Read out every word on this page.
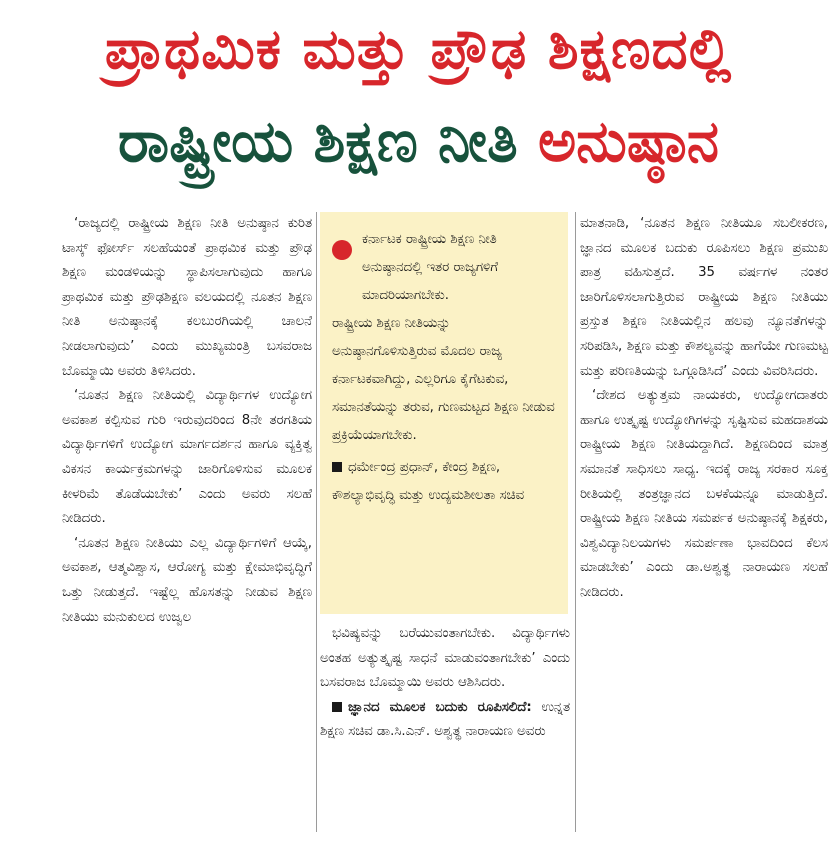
ಪ್ರಾಥಮಿಕ ಮತ್ತು ಪ್ರೌಢ ಶಿಕ್ಷಣದಲ್ಲಿ
ರಾಷ್ಟ್ರೀಯ ಶಿಕ್ಷಣ ನೀತಿ ಅನುಷ್ಠಾನ

‘ರಾಜ್ಯದಲ್ಲಿ ರಾಷ್ಟ್ರೀಯ ಶಿಕ್ಷಣ ನೀತಿ ಅನುಷ್ಠಾನ ಕುರಿತ ಟಾಸ್ಕ್ ಫೋರ್ಸ್ ಸಲಹೆಯಂತೆ ಪ್ರಾಥಮಿಕ ಮತ್ತು ಪ್ರೌಢ ಶಿಕ್ಷಣ ಮಂಡಳಿಯನ್ನು ಸ್ಥಾಪಿಸಲಾಗುವುದು ಹಾಗೂ ಪ್ರಾಥಮಿಕ ಮತ್ತು ಪ್ರೌಢಶಿಕ್ಷಣ ವಲಯದಲ್ಲಿ ನೂತನ ಶಿಕ್ಷಣ ನೀತಿ ಅನುಷ್ಠಾನಕ್ಕೆ ಕಲಬುರಗಿಯಲ್ಲಿ ಚಾಲನೆ ನೀಡಲಾಗುವುದು’ ಎಂದು ಮುಖ್ಯಮಂತ್ರಿ ಬಸವರಾಜ ಬೊಮ್ಮಾಯಿ ಅವರು ತಿಳಿಸಿದರು.

‘ನೂತನ ಶಿಕ್ಷಣ ನೀತಿಯಲ್ಲಿ ವಿದ್ಯಾರ್ಥಿಗಳ ಉದ್ಯೋಗ ಅವಕಾಶ ಕಲ್ಪಿಸುವ ಗುರಿ ಇರುವುದರಿಂದ 8ನೇ ತರಗತಿಯ ವಿದ್ಯಾರ್ಥಿಗಳಿಗೆ ಉದ್ಯೋಗ ಮಾರ್ಗದರ್ಶನ ಹಾಗೂ ವ್ಯಕ್ತಿತ್ವ ವಿಕಸನ ಕಾರ್ಯಕ್ರಮಗಳನ್ನು ಜಾರಿಗೊಳಿಸುವ ಮೂಲಕ ಕೀಳರಿಮೆ ತೊಡೆಯಬೇಕು’ ಎಂದು ಅವರು ಸಲಹೆ ನೀಡಿದರು.

‘ನೂತನ ಶಿಕ್ಷಣ ನೀತಿಯು ಎಲ್ಲ ವಿದ್ಯಾರ್ಥಿಗಳಿಗೆ ಆಯ್ಕೆ, ಅವಕಾಶ, ಆತ್ಮವಿಶ್ವಾಸ, ಆರೋಗ್ಯ ಮತ್ತು ಕ್ಷೇಮಾಭಿವೃದ್ಧಿಗೆ ಒತ್ತು ನೀಡುತ್ತದೆ. ಇಷ್ಟೆಲ್ಲ ಹೊಸತನ್ನು ನೀಡುವ ಶಿಕ್ಷಣ ನೀತಿಯು ಮನುಕುಲದ ಉಜ್ವಲ

ಕರ್ನಾಟಕ ರಾಷ್ಟ್ರೀಯ ಶಿಕ್ಷಣ ನೀತಿ ಅನುಷ್ಠಾನದಲ್ಲಿ ಇತರ ರಾಜ್ಯಗಳಿಗೆ ಮಾದರಿಯಾಗಬೇಕು.
ರಾಷ್ಟ್ರೀಯ ಶಿಕ್ಷಣ ನೀತಿಯನ್ನು ಅನುಷ್ಠಾನಗೊಳಿಸುತ್ತಿರುವ ಮೊದಲ ರಾಜ್ಯ ಕರ್ನಾಟಕವಾಗಿದ್ದು, ಎಲ್ಲರಿಗೂ ಕೈಗೆಟಕುವ, ಸಮಾನತೆಯನ್ನು ತರುವ, ಗುಣಮಟ್ಟದ ಶಿಕ್ಷಣ ನೀಡುವ ಪ್ರಕ್ರಿಯೆಯಾಗಬೇಕು.
ಧರ್ಮೇಂದ್ರ ಪ್ರಧಾನ್, ಕೇಂದ್ರ ಶಿಕ್ಷಣ, ಕೌಶಲ್ಯಾಭಿವೃದ್ಧಿ ಮತ್ತು ಉದ್ಯಮಶೀಲತಾ ಸಚಿವ

ಭವಿಷ್ಯವನ್ನು ಬರೆಯುವಂತಾಗಬೇಕು. ವಿದ್ಯಾರ್ಥಿಗಳು ಅಂತಹ ಅತ್ಯುತ್ಕೃಷ್ಟ ಸಾಧನೆ ಮಾಡುವಂತಾಗಬೇಕು’ ಎಂದು ಬಸವರಾಜ ಬೊಮ್ಮಾಯಿ ಅವರು ಆಶಿಸಿದರು.

ಜ್ಞಾನದ ಮೂಲಕ ಬದುಕು ರೂಪಿಸಲಿದೆ: ಉನ್ನತ ಶಿಕ್ಷಣ ಸಚಿವ ಡಾ.ಸಿ.ಎನ್. ಅಶ್ವತ್ಥ ನಾರಾಯಣ ಅವರು

ಮಾತನಾಡಿ, ‘ನೂತನ ಶಿಕ್ಷಣ ನೀತಿಯೂ ಸಬಲೀಕರಣ, ಜ್ಞಾನದ ಮೂಲಕ ಬದುಕು ರೂಪಿಸಲು ಶಿಕ್ಷಣ ಪ್ರಮುಖ ಪಾತ್ರ ವಹಿಸುತ್ತದೆ. 35 ವರ್ಷಗಳ ನಂತರ ಜಾರಿಗೊಳಿಸಲಾಗುತ್ತಿರುವ ರಾಷ್ಟ್ರೀಯ ಶಿಕ್ಷಣ ನೀತಿಯು ಪ್ರಸ್ತುತ ಶಿಕ್ಷಣ ನೀತಿಯಲ್ಲಿನ ಹಲವು ನ್ಯೂನತೆಗಳನ್ನು ಸರಿಪಡಿಸಿ, ಶಿಕ್ಷಣ ಮತ್ತು ಕೌಶಲ್ಯವನ್ನು ಹಾಗೆಯೇ ಗುಣಮಟ್ಟ ಮತ್ತು ಪರಿಣತಿಯನ್ನು ಒಗ್ಗೂಡಿಸಿದೆ’ ಎಂದು ವಿವರಿಸಿದರು.

‘ದೇಶದ ಅತ್ಯುತ್ತಮ ನಾಯಕರು, ಉದ್ಯೋಗದಾತರು ಹಾಗೂ ಉತ್ಕೃಷ್ಟ ಉದ್ಯೋಗಿಗಳನ್ನು ಸೃಷ್ಟಿಸುವ ಮಹದಾಶಯ ರಾಷ್ಟ್ರೀಯ ಶಿಕ್ಷಣ ನೀತಿಯದ್ದಾಗಿದೆ. ಶಿಕ್ಷಣದಿಂದ ಮಾತ್ರ ಸಮಾನತೆ ಸಾಧಿಸಲು ಸಾಧ್ಯ. ಇದಕ್ಕೆ ರಾಜ್ಯ ಸರಕಾರ ಸೂಕ್ತ ರೀತಿಯಲ್ಲಿ ತಂತ್ರಜ್ಞಾನದ ಬಳಕೆಯನ್ನೂ ಮಾಡುತ್ತಿದೆ. ರಾಷ್ಟ್ರೀಯ ಶಿಕ್ಷಣ ನೀತಿಯ ಸಮರ್ಪಕ ಅನುಷ್ಠಾನಕ್ಕೆ ಶಿಕ್ಷಕರು, ವಿಶ್ವವಿದ್ಯಾನಿಲಯಗಳು ಸಮರ್ಪಣಾ ಭಾವದಿಂದ ಕೆಲಸ ಮಾಡಬೇಕು’ ಎಂದು ಡಾ.ಅಶ್ವತ್ಥ ನಾರಾಯಣ ಸಲಹೆ ನೀಡಿದರು.
